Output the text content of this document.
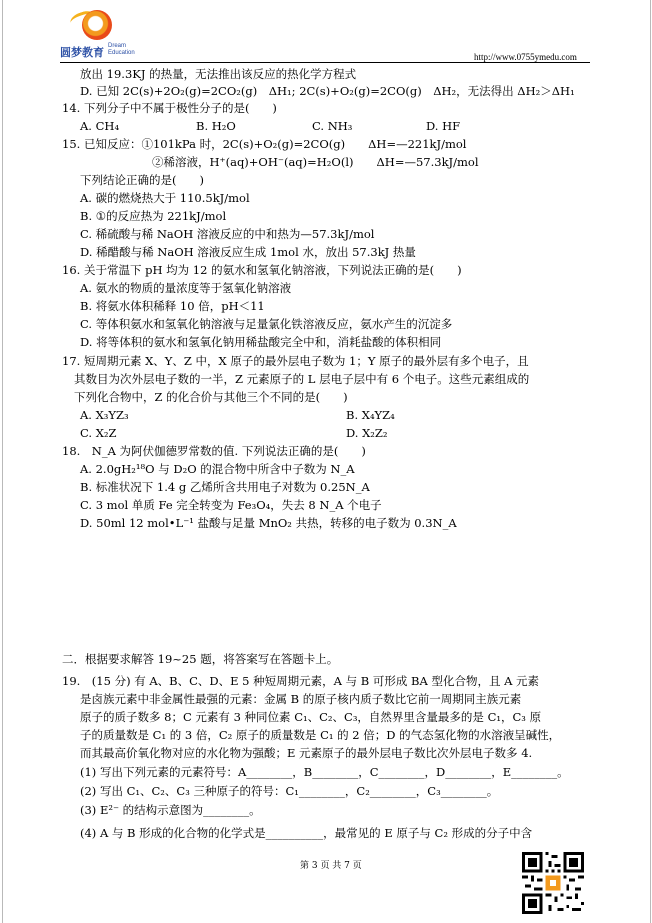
圆梦教育 Dream Education	http://www.0755ymedu.com
放出 19.3KJ 的热量，无法推出该反应的热化学方程式
D. 已知 2C(s)+2O₂(g)=2CO₂(g)　ΔH₁; 2C(s)+O₂(g)=2CO(g)　ΔH₂，无法得出 ΔH₂＞ΔH₁
14. 下列分子中不属于极性分子的是(　　)
A. CH₄	B. H₂O	C. NH₃	D. HF
15. 已知反应：①101kPa 时，2C(s)+O₂(g)=2CO(g)　　ΔH=—221kJ/mol
②稀溶液，H⁺(aq)+OH⁻(aq)=H₂O(l)　　ΔH=—57.3kJ/mol
下列结论正确的是(　　)
A. 碳的燃烧热大于 110.5kJ/mol
B. ①的反应热为 221kJ/mol
C. 稀硫酸与稀 NaOH 溶液反应的中和热为—57.3kJ/mol
D. 稀醋酸与稀 NaOH 溶液反应生成 1mol 水，放出 57.3kJ 热量
16. 关于常温下 pH 均为 12 的氨水和氢氧化钠溶液，下列说法正确的是(　　)
A. 氨水的物质的量浓度等于氢氧化钠溶液
B. 将氨水体积稀释 10 倍，pH＜11
C. 等体积氨水和氢氧化钠溶液与足量氯化铁溶液反应，氨水产生的沉淀多
D. 将等体积的氨水和氢氧化钠用稀盐酸完全中和，消耗盐酸的体积相同
17. 短周期元素 X、Y、Z 中，X 原子的最外层电子数为 1；Y 原子的最外层有多个电子，且
其数目为次外层电子数的一半，Z 元素原子的 L 层电子层中有 6 个电子。这些元素组成的
下列化合物中，Z 的化合价与其他三个不同的是(　　)
A. X₃YZ₃	B. X₄YZ₄
C. X₂Z	D. X₂Z₂
18.　N_A 为阿伏伽德罗常数的值. 下列说法正确的是(　　)
A. 2.0gH₂¹⁸O 与 D₂O 的混合物中所含中子数为 N_A
B. 标准状况下 1.4 g 乙烯所含共用电子对数为 0.25N_A
C. 3 mol 单质 Fe 完全转变为 Fe₃O₄，失去 8 N_A 个电子
D. 50ml 12 mol•L⁻¹ 盐酸与足量 MnO₂ 共热，转移的电子数为 0.3N_A
二．根据要求解答 19~25 题，将答案写在答题卡上。
19.　(15 分) 有 A、B、C、D、E 5 种短周期元素，A 与 B 可形成 BA 型化合物，且 A 元素
是卤族元素中非金属性最强的元素：金属 B 的原子核内质子数比它前一周期同主族元素
原子的质子数多 8；C 元素有 3 种同位素 C₁、C₂、C₃，自然界里含量最多的是 C₁，C₃ 原
子的质量数是 C₁ 的 3 倍，C₂ 原子的质量数是 C₁ 的 2 倍；D 的气态氢化物的水溶液呈碱性，
而其最高价氧化物对应的水化物为强酸；E 元素原子的最外层电子数比次外层电子数多 4.
(1) 写出下列元素的元素符号：A________，B________，C________，D________，E________。
(2) 写出 C₁、C₂、C₃ 三种原子的符号：C₁________，C₂________，C₃________。
(3) E²⁻ 的结构示意图为________。
(4) A 与 B 形成的化合物的化学式是__________，最常见的 E 原子与 C₂ 形成的分子中含
第 3 页 共 7 页
